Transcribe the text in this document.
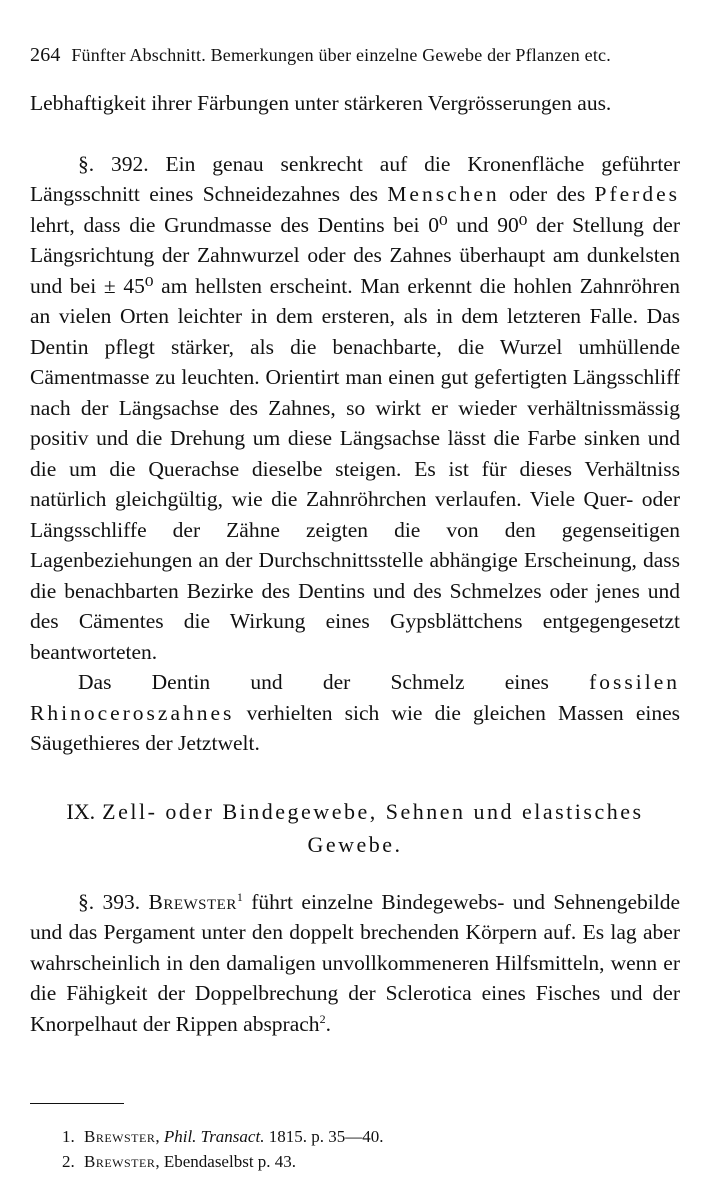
264 Fünfter Abschnitt. Bemerkungen über einzelne Gewebe der Pflanzen etc.

Lebhaftigkeit ihrer Färbungen unter stärkeren Vergrösserungen aus.

§. 392. Ein genau senkrecht auf die Kronenfläche geführter Längsschnitt eines Schneidezahnes des Menschen oder des Pferdes lehrt, dass die Grundmasse des Dentins bei 0⁰ und 90⁰ der Stellung der Längsrichtung der Zahnwurzel oder des Zahnes überhaupt am dunkelsten und bei ± 45⁰ am hellsten erscheint. Man erkennt die hohlen Zahnröhren an vielen Orten leichter in dem ersteren, als in dem letzteren Falle. Das Dentin pflegt stärker, als die benachbarte, die Wurzel umhüllende Cämentmasse zu leuchten. Orientirt man einen gut gefertigten Längsschliff nach der Längsachse des Zahnes, so wirkt er wieder verhältnissmässig positiv und die Drehung um diese Längsachse lässt die Farbe sinken und die um die Querachse dieselbe steigen. Es ist für dieses Verhältniss natürlich gleichgültig, wie die Zahnröhrchen verlaufen. Viele Quer- oder Längsschliffe der Zähne zeigten die von den gegenseitigen Lagenbeziehungen an der Durchschnittsstelle abhängige Erscheinung, dass die benachbarten Bezirke des Dentins und des Schmelzes oder jenes und des Cämentes die Wirkung eines Gypsblättchens entgegengesetzt beantworteten.

Das Dentin und der Schmelz eines fossilen Rhinoceroszahnes verhielten sich wie die gleichen Massen eines Säugethieres der Jetztwelt.

IX. Zell- oder Bindegewebe, Sehnen und elastisches Gewebe.

§. 393. Brewster$^1$ führt einzelne Bindegewebs- und Sehnengebilde und das Pergament unter den doppelt brechenden Körpern auf. Es lag aber wahrscheinlich in den damaligen unvollkommeneren Hilfsmitteln, wenn er die Fähigkeit der Doppelbrechung der Sclerotica eines Fisches und der Knorpelhaut der Rippen absprach$^2$.

1. Brewster, Phil. Transact. 1815. p. 35—40.
2. Brewster, Ebendaselbst p. 43.
